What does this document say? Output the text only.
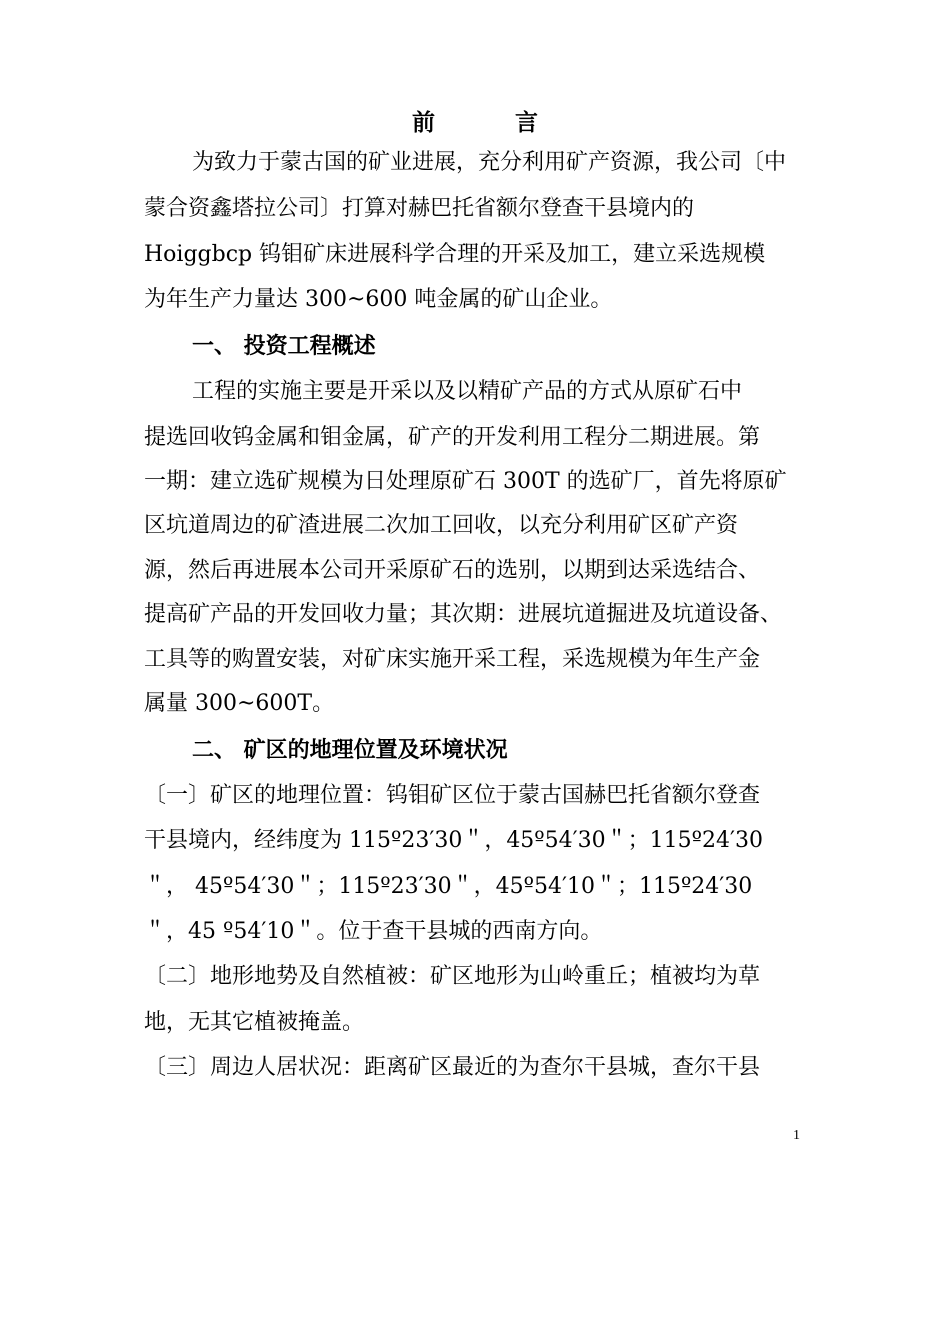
前 言
为致力于蒙古国的矿业进展，充分利用矿产资源，我公司〔中
蒙合资鑫塔拉公司〕打算对赫巴托省额尔登查干县境内的
Hoiggbcp 钨钼矿床进展科学合理的开采及加工，建立采选规模
为年生产力量达 300~600 吨金属的矿山企业。
一、 投资工程概述
工程的实施主要是开采以及以精矿产品的方式从原矿石中
提选回收钨金属和钼金属，矿产的开发利用工程分二期进展。第
一期：建立选矿规模为日处理原矿石 300T 的选矿厂，首先将原矿
区坑道周边的矿渣进展二次加工回收，以充分利用矿区矿产资
源，然后再进展本公司开采原矿石的选别，以期到达采选结合、
提高矿产品的开发回收力量；其次期：进展坑道掘进及坑道设备、
工具等的购置安装，对矿床实施开采工程，采选规模为年生产金
属量 300~600T。
二、 矿区的地理位置及环境状况
〔一〕矿区的地理位置：钨钼矿区位于蒙古国赫巴托省额尔登查
干县境内，经纬度为 115º23′30＂，45º54′30＂；115º24′30
＂， 45º54′30＂；115º23′30＂，45º54′10＂；115º24′30
＂，45 º54′10＂。位于查干县城的西南方向。
〔二〕地形地势及自然植被：矿区地形为山岭重丘；植被均为草
地，无其它植被掩盖。
〔三〕周边人居状况：距离矿区最近的为查尔干县城，查尔干县
1
